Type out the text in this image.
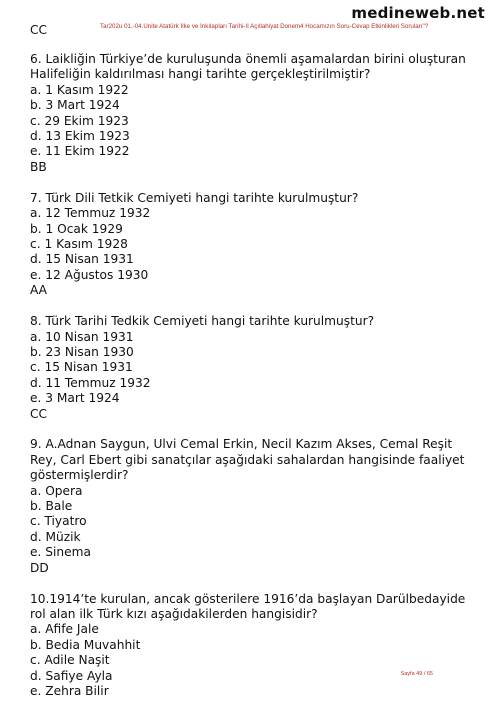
medineweb.net
Tar202u 01.-04.Ünite Atatürk İlke ve İnkılapları Tarihi-II Açıllahiyat Donem4 Hocamızın Soru-Cevap Etkinlikleri Soruları"?
CC

6. Laikliğin Türkiye’de kuruluşunda önemli aşamalardan birini oluşturan Halifeliğin kaldırılması hangi tarihte gerçekleştirilmiştir?

a. 1 Kasım 1922

b. 3 Mart 1924

c. 29 Ekim 1923

d. 13 Ekim 1923

e. 11 Ekim 1922

BB

7. Türk Dili Tetkik Cemiyeti hangi tarihte kurulmuştur?

a. 12 Temmuz 1932

b. 1 Ocak 1929

c. 1 Kasım 1928

d. 15 Nisan 1931

e. 12 Ağustos 1930

AA

8. Türk Tarihi Tedkik Cemiyeti hangi tarihte kurulmuştur?

a. 10 Nisan 1931

b. 23 Nisan 1930

c. 15 Nisan 1931

d. 11 Temmuz 1932

e. 3 Mart 1924

CC

9. A.Adnan Saygun, Ulvi Cemal Erkin, Necil Kazım Akses, Cemal Reşit Rey, Carl Ebert gibi sanatçılar aşağıdaki sahalardan hangisinde faaliyet göstermişlerdir?

a. Opera

b. Bale

c. Tiyatro

d. Müzik

e. Sinema

DD

10.1914’te kurulan, ancak gösterilere 1916’da başlayan Darülbedayide rol alan ilk Türk kızı aşağıdakilerden hangisidir?

a. Afife Jale

b. Bedia Muvahhit

c. Adile Naşit

d. Safiye Ayla

e. Zehra Bilir

Sayfa 49 / 65
